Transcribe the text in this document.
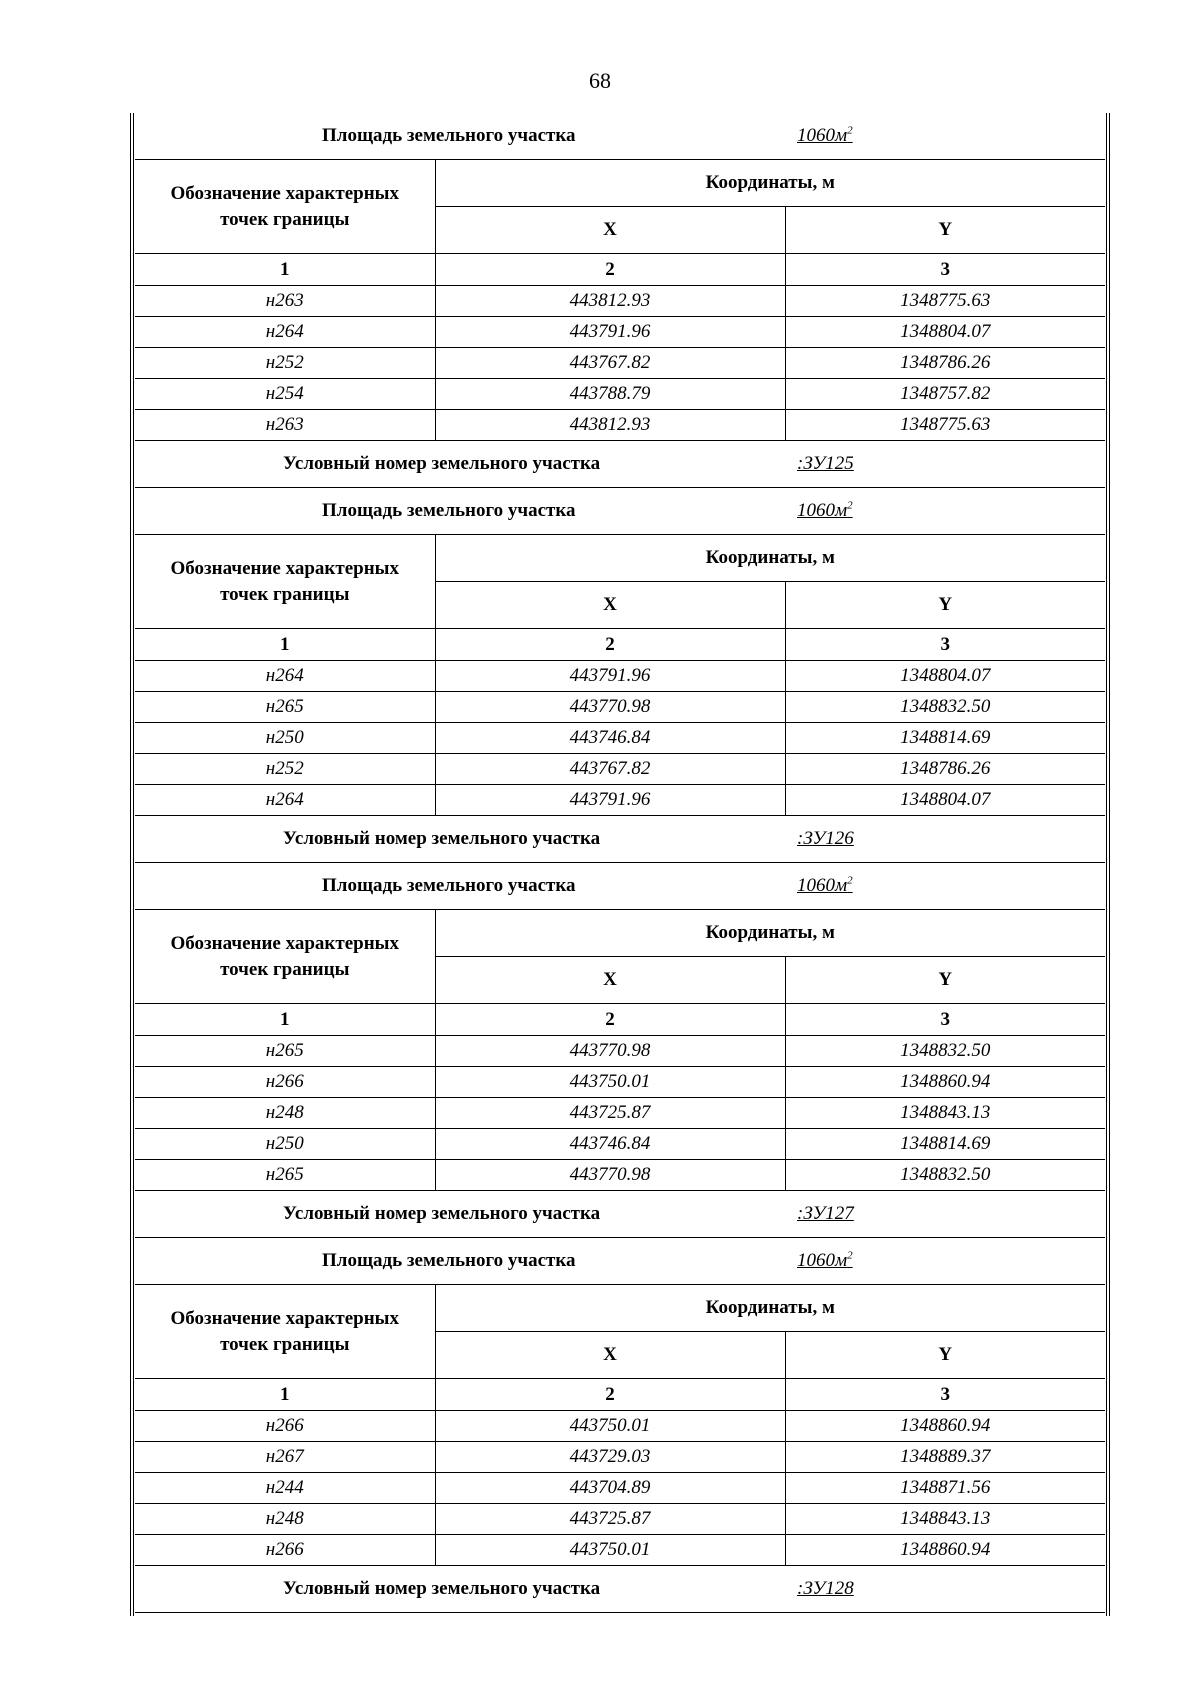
68
Площадь земельного участка		$1060м^2$
Обозначение характерных точек границы	Координаты, м	
	X	Y
1	2	3
н263	443812.93	1348775.63
н264	443791.96	1348804.07
н252	443767.82	1348786.26
н254	443788.79	1348757.82
н263	443812.93	1348775.63
Условный номер земельного участка		:ЗУ125
Площадь земельного участка		$1060м^2$
Обозначение характерных точек границы	Координаты, м	
	X	Y
1	2	3
н264	443791.96	1348804.07
н265	443770.98	1348832.50
н250	443746.84	1348814.69
н252	443767.82	1348786.26
н264	443791.96	1348804.07
Условный номер земельного участка		:ЗУ126
Площадь земельного участка		$1060м^2$
Обозначение характерных точек границы	Координаты, м	
	X	Y
1	2	3
н265	443770.98	1348832.50
н266	443750.01	1348860.94
н248	443725.87	1348843.13
н250	443746.84	1348814.69
н265	443770.98	1348832.50
Условный номер земельного участка		:ЗУ127
Площадь земельного участка		$1060м^2$
Обозначение характерных точек границы	Координаты, м	
	X	Y
1	2	3
н266	443750.01	1348860.94
н267	443729.03	1348889.37
н244	443704.89	1348871.56
н248	443725.87	1348843.13
н266	443750.01	1348860.94
Условный номер земельного участка		:ЗУ128
